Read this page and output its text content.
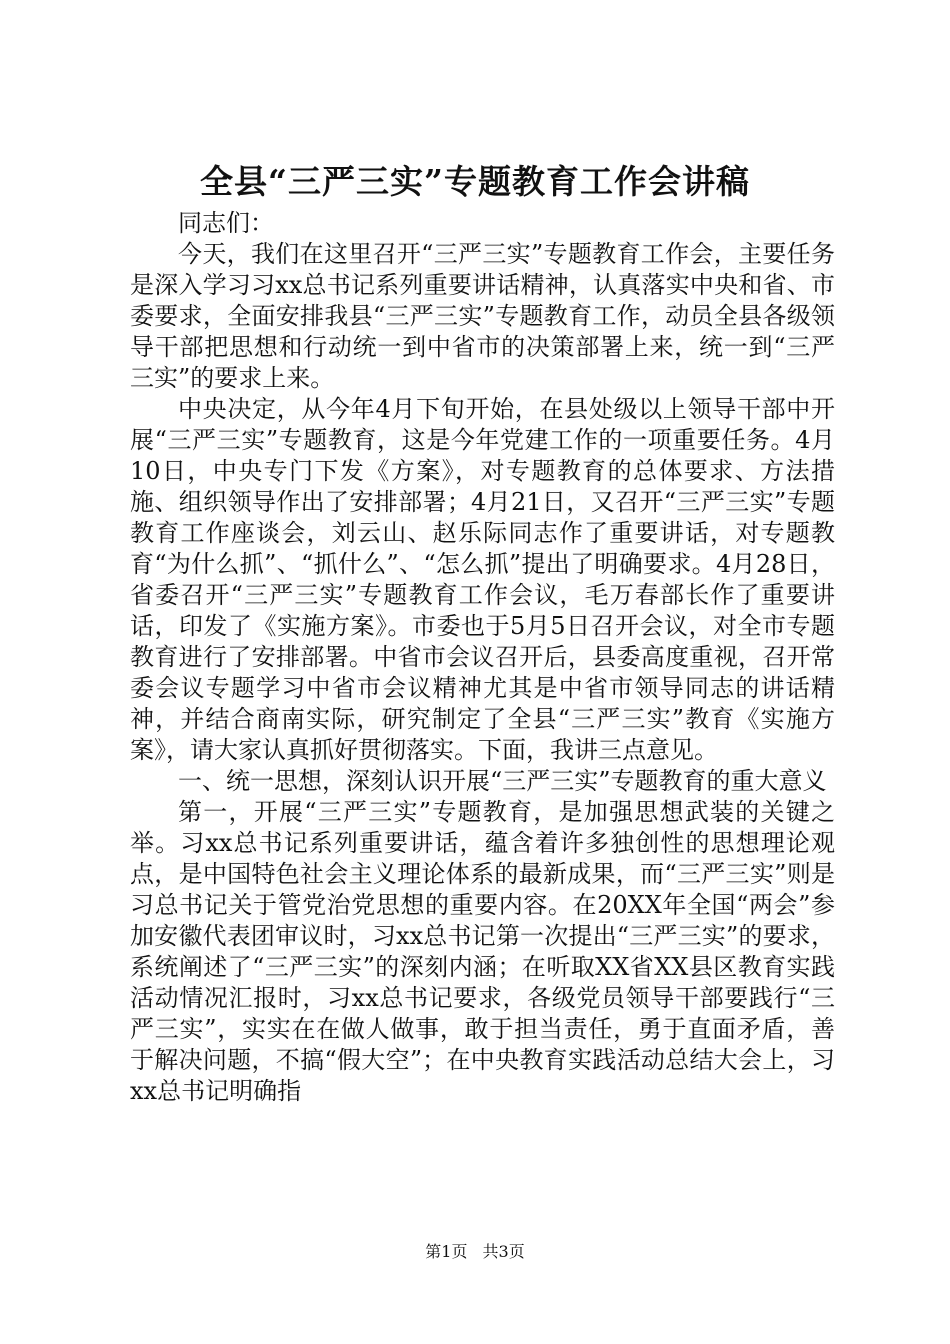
全县“三严三实”专题教育工作会讲稿

同志们：

今天，我们在这里召开“三严三实”专题教育工作会，主要任务是深入学习习xx总书记系列重要讲话精神，认真落实中央和省、市委要求，全面安排我县“三严三实”专题教育工作，动员全县各级领导干部把思想和行动统一到中省市的决策部署上来，统一到“三严三实”的要求上来。

中央决定，从今年4月下旬开始，在县处级以上领导干部中开展“三严三实”专题教育，这是今年党建工作的一项重要任务。4月10日，中央专门下发《方案》，对专题教育的总体要求、方法措施、组织领导作出了安排部署；4月21日，又召开“三严三实”专题教育工作座谈会，刘云山、赵乐际同志作了重要讲话，对专题教育“为什么抓”、“抓什么”、“怎么抓”提出了明确要求。4月28日，省委召开“三严三实”专题教育工作会议，毛万春部长作了重要讲话，印发了《实施方案》。市委也于5月5日召开会议，对全市专题教育进行了安排部署。中省市会议召开后，县委高度重视，召开常委会议专题学习中省市会议精神尤其是中省市领导同志的讲话精神，并结合商南实际，研究制定了全县“三严三实”教育《实施方案》，请大家认真抓好贯彻落实。下面，我讲三点意见。

一、统一思想，深刻认识开展“三严三实”专题教育的重大意义

第一，开展“三严三实”专题教育，是加强思想武装的关键之举。习xx总书记系列重要讲话，蕴含着许多独创性的思想理论观点，是中国特色社会主义理论体系的最新成果，而“三严三实”则是习总书记关于管党治党思想的重要内容。在20XX年全国“两会”参加安徽代表团审议时，习xx总书记第一次提出“三严三实”的要求，系统阐述了“三严三实”的深刻内涵；在听取XX省XX县区教育实践活动情况汇报时，习xx总书记要求，各级党员领导干部要践行“三严三实”，实实在在做人做事，敢于担当责任，勇于直面矛盾，善于解决问题，不搞“假大空”；在中央教育实践活动总结大会上，习xx总书记明确指

第1页 共3页
